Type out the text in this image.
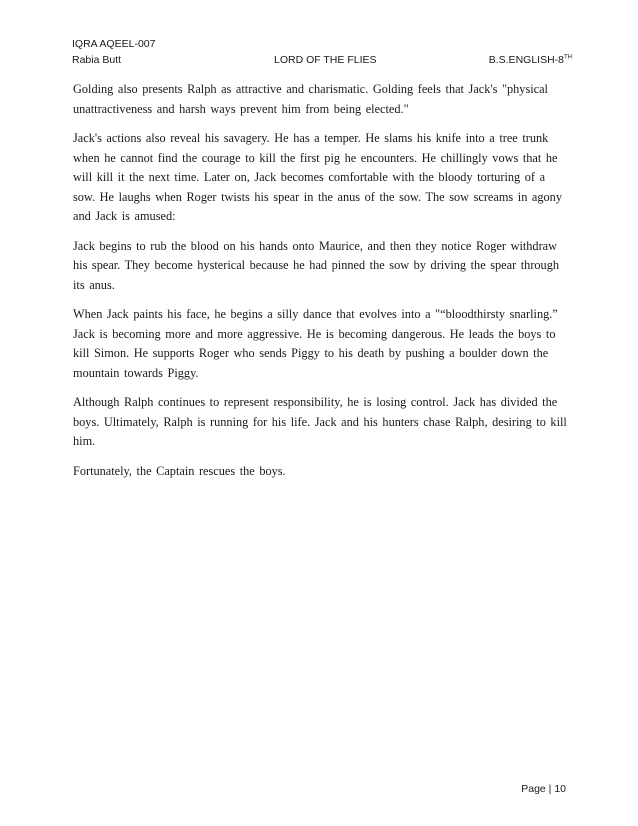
IQRA AQEEL-007
Rabia Butt	LORD OF THE FLIES	B.S.ENGLISH-8TH

Golding also presents Ralph as attractive and charismatic. Golding feels that Jack's "physical unattractiveness and harsh ways prevent him from being elected."

Jack's actions also reveal his savagery. He has a temper. He slams his knife into a tree trunk when he cannot find the courage to kill the first pig he encounters. He chillingly vows that he will kill it the next time. Later on, Jack becomes comfortable with the bloody torturing of a sow. He laughs when Roger twists his spear in the anus of the sow. The sow screams in agony and Jack is amused:

Jack begins to rub the blood on his hands onto Maurice, and then they notice Roger withdraw his spear. They become hysterical because he had pinned the sow by driving the spear through its anus.

When Jack paints his face, he begins a silly dance that evolves into a "“bloodthirsty snarling.” Jack is becoming more and more aggressive. He is becoming dangerous. He leads the boys to kill Simon. He supports Roger who sends Piggy to his death by pushing a boulder down the mountain towards Piggy.

Although Ralph continues to represent responsibility, he is losing control. Jack has divided the boys. Ultimately, Ralph is running for his life. Jack and his hunters chase Ralph, desiring to kill him.

Fortunately, the Captain rescues the boys.

Page | 10
